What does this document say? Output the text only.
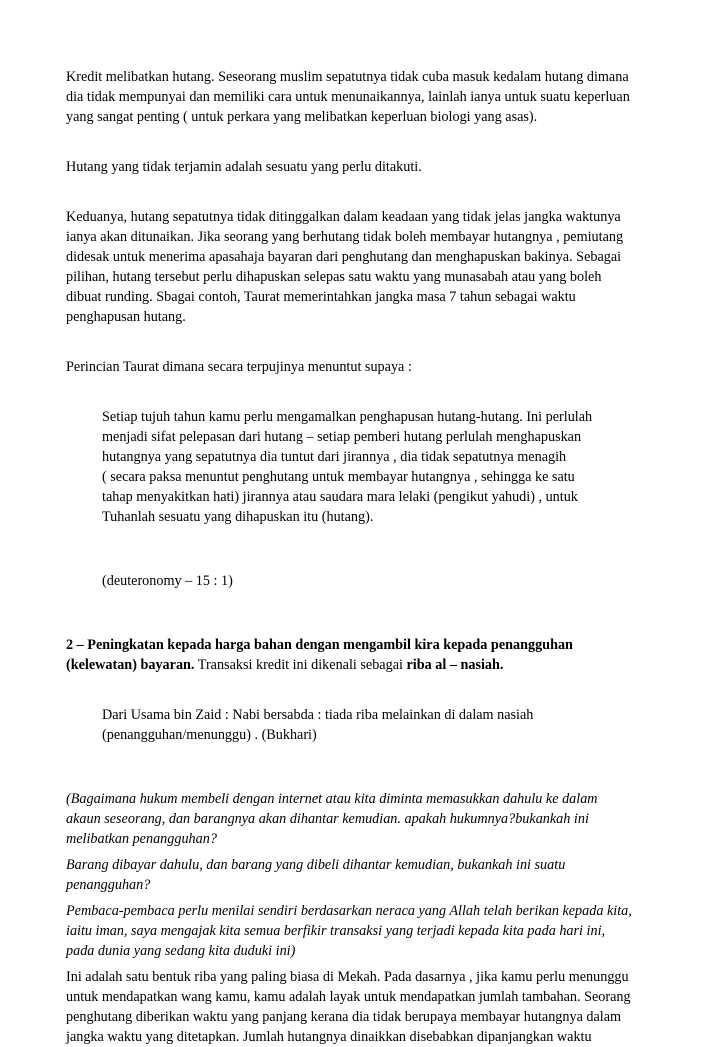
Kredit melibatkan hutang. Seseorang muslim sepatutnya tidak cuba masuk kedalam hutang dimana
dia tidak mempunyai dan memiliki cara untuk menunaikannya, lainlah ianya untuk suatu keperluan
yang sangat penting ( untuk perkara yang melibatkan keperluan biologi yang asas).

Hutang yang tidak terjamin adalah sesuatu yang perlu ditakuti.

Keduanya, hutang sepatutnya tidak ditinggalkan dalam keadaan yang tidak jelas jangka waktunya
ianya akan ditunaikan. Jika seorang yang berhutang tidak boleh membayar hutangnya , pemiutang
didesak untuk menerima apasahaja bayaran dari penghutang dan menghapuskan bakinya. Sebagai
pilihan, hutang tersebut perlu dihapuskan selepas satu waktu yang munasabah atau yang boleh
dibuat runding. Sbagai contoh, Taurat memerintahkan jangka masa 7 tahun sebagai waktu
penghapusan hutang.

Perincian Taurat dimana secara terpujinya menuntut supaya :

Setiap tujuh tahun kamu perlu mengamalkan penghapusan hutang-hutang. Ini perlulah
menjadi sifat pelepasan dari hutang – setiap pemberi hutang perlulah menghapuskan
hutangnya yang sepatutnya dia tuntut dari jirannya , dia tidak sepatutnya menagih
( secara paksa menuntut penghutang untuk membayar hutangnya , sehingga ke satu
tahap menyakitkan hati) jirannya atau saudara mara lelaki (pengikut yahudi) , untuk
Tuhanlah sesuatu yang dihapuskan itu (hutang).

(deuteronomy – 15 : 1)

2 – Peningkatan kepada harga bahan dengan mengambil kira kepada penangguhan
(kelewatan) bayaran. Transaksi kredit ini dikenali sebagai riba al – nasiah.

Dari Usama bin Zaid : Nabi bersabda : tiada riba melainkan di dalam nasiah
(penangguhan/menunggu) . (Bukhari)

(Bagaimana hukum membeli dengan internet atau kita diminta memasukkan dahulu ke dalam
akaun seseorang, dan barangnya akan dihantar kemudian. apakah hukumnya?bukankah ini
melibatkan penangguhan?

Barang dibayar dahulu, dan barang yang dibeli dihantar kemudian, bukankah ini suatu
penangguhan?

Pembaca-pembaca perlu menilai sendiri berdasarkan neraca yang Allah telah berikan kepada kita,
iaitu iman, saya mengajak kita semua berfikir transaksi yang terjadi kepada kita pada hari ini,
pada dunia yang sedang kita duduki ini)

Ini adalah satu bentuk riba yang paling biasa di Mekah. Pada dasarnya , jika kamu perlu menunggu
untuk mendapatkan wang kamu, kamu adalah layak untuk mendapatkan jumlah tambahan. Seorang
penghutang diberikan waktu yang panjang kerana dia tidak berupaya membayar hutangnya dalam
jangka waktu yang ditetapkan. Jumlah hutangnya dinaikkan disebabkan dipanjangkan waktu
